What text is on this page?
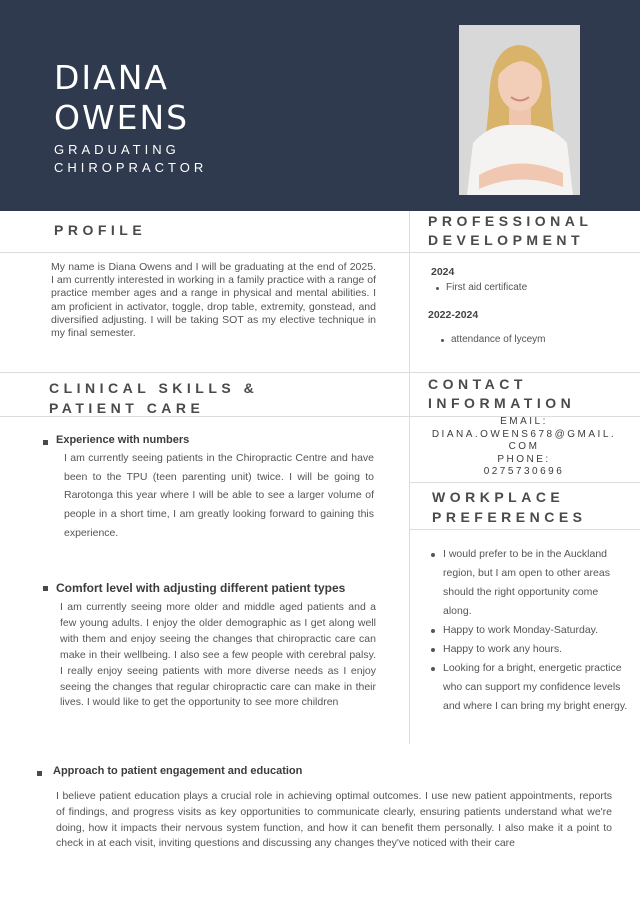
DIANA
OWENS
GRADUATING
CHIROPRACTOR
PROFILE
My name is Diana Owens and I will be graduating at the end of 2025. I am currently interested in working in a family practice with a range of practice member ages and a range in physical and mental abilities. I am proficient in activator, toggle, drop table, extremity, gonstead, and diversified adjusting. I will be taking SOT as my elective technique in my final semester.
PROFESSIONAL
DEVELOPMENT
2024
First aid certificate
2022-2024
attendance of lyceym
CLINICAL SKILLS &
PATIENT CARE
Experience with numbers
I am currently seeing patients in the Chiropractic Centre and have been to the TPU (teen parenting unit) twice. I will be going to Rarotonga this year where I will be able to see a larger volume of people in a short time, I am greatly looking forward to gaining this experience.
Comfort level with adjusting different patient types
I am currently seeing more older and middle aged patients and a few young adults. I enjoy the older demographic as I get along well with them and enjoy seeing the changes that chiropractic care can make in their wellbeing. I also see a few people with cerebral palsy. I really enjoy seeing patients with more diverse needs as I enjoy seeing the changes that regular chiropractic care can make in their lives. I would like to get the opportunity to see more children
Approach to patient engagement and education
I believe patient education plays a crucial role in achieving optimal outcomes. I use new patient appointments, reports of findings, and progress visits as key opportunities to communicate clearly, ensuring patients understand what we're doing, how it impacts their nervous system function, and how it can benefit them personally. I also make it a point to check in at each visit, inviting questions and discussing any changes they've noticed with their care
CONTACT
INFORMATION
EMAIL:
DIANA.OWENS678@GMAIL.
COM
PHONE:
0275730696
WORKPLACE
PREFERENCES
I would prefer to be in the Auckland region, but I am open to other areas should the right opportunity come along.
Happy to work Monday-Saturday.
Happy to work any hours.
Looking for a bright, energetic practice who can support my confidence levels and where I can bring my bright energy.
